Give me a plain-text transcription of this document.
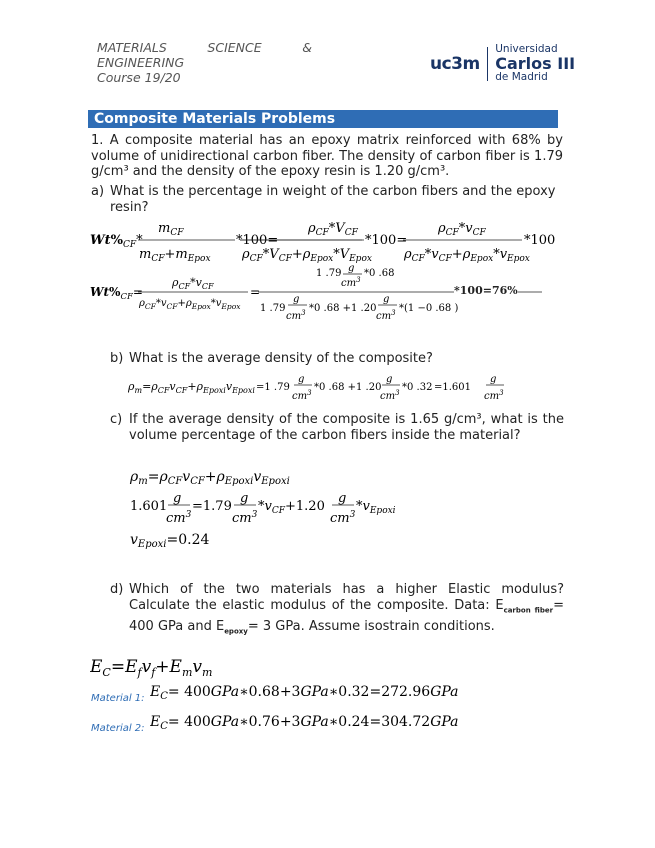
MATERIALS	SCIENCE	&
ENGINEERING
Course 19/20
uc3m
Universidad
Carlos III
de Madrid
Composite Materials Problems
1. A composite material has an epoxy matrix reinforced with 68% by volume of unidirectional carbon fiber. The density of carbon fiber is 1.79 g/cm³ and the density of the epoxy resin is 1.20 g/cm³.
a) What is the percentage in weight of the carbon fibers and the epoxy resin?
$Wt\%_{CF}*$
$m_{CF}$
$m_{CF}+m_{Epox}$
*100=
$\rho_{CF}*V_{CF}$
$\rho_{CF}*V_{CF}+\rho_{Epox}*V_{Epox}$
*100=
$\rho_{CF}*v_{CF}$
$\rho_{CF}*v_{CF}+\rho_{Epox}*v_{Epox}$
*100
$Wt\%_{CF}=$
$\rho_{CF}*v_{CF}$
$\rho_{CF}*v_{CF}+\rho_{Epox}*v_{Epox}$
=
1 .79 g
$cm^3$
*0 .68
1 .79
g
$cm^3$ *0 .68 +1 .20
g
$cm^3$ *(1 −0 .68 )
*100=76%
b) What is the average density of the composite?
$\rho_m=\rho_{CF}v_{CF}+\rho_{Epoxi}v_{Epoxi} =1$ .79
g
$cm^3$ *0 .68 +1 .20
g
$cm^3$ *0 .32 =1.601
g
$cm^3$
c) If the average density of the composite is 1.65 g/cm³, what is the volume percentage of the carbon fibers inside the material?
$\rho_m=\rho_{CF}v_{CF}+\rho_{Epoxi}v_{Epoxi}$
1.601
g
$cm^3$
=1.79
g
$cm^3$
$*v_{CF}+1.20$
g
$cm^3$
$*v_{Epoxi}$
$v_{Epoxi}=0.24$
d) Which of the two materials has a higher Elastic modulus? Calculate the elastic modulus of the composite. Data: $E_{carbon fiber}= 400$ GPa and $E_{epoxy}= 3$ GPa. Assume isostrain conditions.
$E_C=E_fv_f+E_mv_m$
Material 1: $E_C=$ 400GPa∗0.68+3GPa∗0.32=272.96GPa
Material 2: $E_C=$ 400GPa∗0.76+3GPa∗0.24=304.72GPa
